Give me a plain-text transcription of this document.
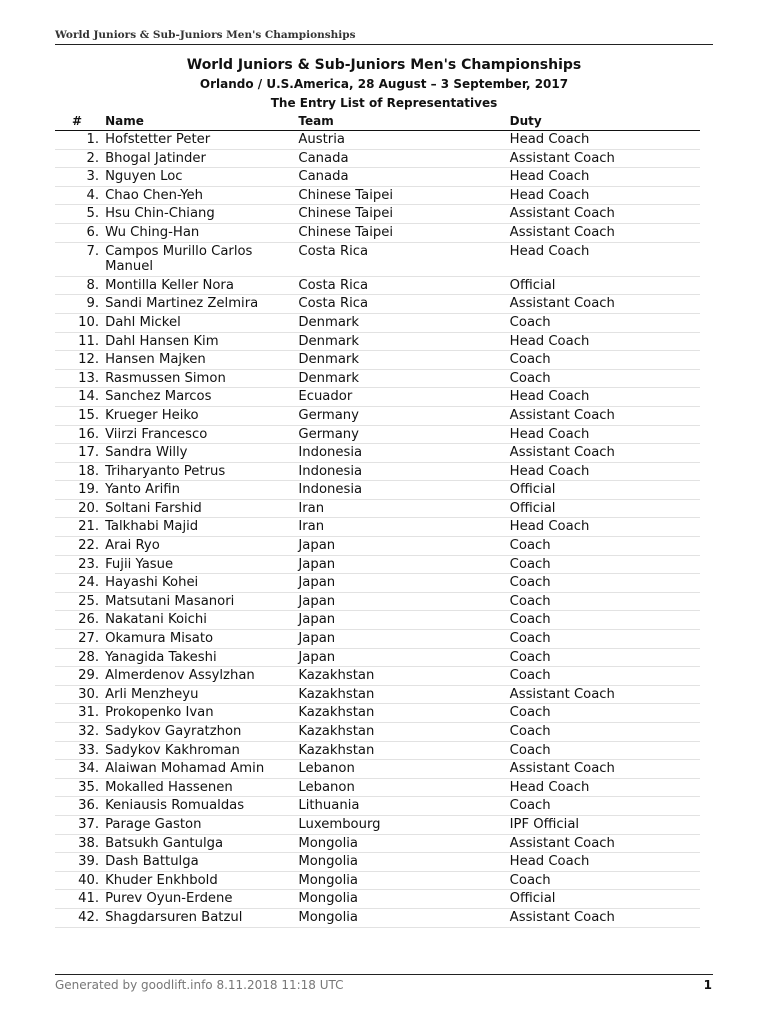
World Juniors & Sub-Juniors Men's Championships
World Juniors & Sub-Juniors Men's Championships
Orlando / U.S.America, 28 August – 3 September, 2017
The Entry List of Representatives
#	Name	Team	Duty
1.	Hofstetter Peter	Austria	Head Coach
2.	Bhogal Jatinder	Canada	Assistant Coach
3.	Nguyen Loc	Canada	Head Coach
4.	Chao Chen-Yeh	Chinese Taipei	Head Coach
5.	Hsu Chin-Chiang	Chinese Taipei	Assistant Coach
6.	Wu Ching-Han	Chinese Taipei	Assistant Coach
7.	Campos Murillo Carlos Manuel	Costa Rica	Head Coach
8.	Montilla Keller Nora	Costa Rica	Official
9.	Sandi Martinez Zelmira	Costa Rica	Assistant Coach
10.	Dahl Mickel	Denmark	Coach
11.	Dahl Hansen Kim	Denmark	Head Coach
12.	Hansen Majken	Denmark	Coach
13.	Rasmussen Simon	Denmark	Coach
14.	Sanchez Marcos	Ecuador	Head Coach
15.	Krueger Heiko	Germany	Assistant Coach
16.	Viirzi Francesco	Germany	Head Coach
17.	Sandra Willy	Indonesia	Assistant Coach
18.	Triharyanto Petrus	Indonesia	Head Coach
19.	Yanto Arifin	Indonesia	Official
20.	Soltani Farshid	Iran	Official
21.	Talkhabi Majid	Iran	Head Coach
22.	Arai Ryo	Japan	Coach
23.	Fujii Yasue	Japan	Coach
24.	Hayashi Kohei	Japan	Coach
25.	Matsutani Masanori	Japan	Coach
26.	Nakatani Koichi	Japan	Coach
27.	Okamura Misato	Japan	Coach
28.	Yanagida Takeshi	Japan	Coach
29.	Almerdenov Assylzhan	Kazakhstan	Coach
30.	Arli Menzheyu	Kazakhstan	Assistant Coach
31.	Prokopenko Ivan	Kazakhstan	Coach
32.	Sadykov Gayratzhon	Kazakhstan	Coach
33.	Sadykov Kakhroman	Kazakhstan	Coach
34.	Alaiwan Mohamad Amin	Lebanon	Assistant Coach
35.	Mokalled Hassenen	Lebanon	Head Coach
36.	Keniausis Romualdas	Lithuania	Coach
37.	Parage Gaston	Luxembourg	IPF Official
38.	Batsukh Gantulga	Mongolia	Assistant Coach
39.	Dash Battulga	Mongolia	Head Coach
40.	Khuder Enkhbold	Mongolia	Coach
41.	Purev Oyun-Erdene	Mongolia	Official
42.	Shagdarsuren Batzul	Mongolia	Assistant Coach
Generated by goodlift.info 8.11.2018 11:18 UTC	1
